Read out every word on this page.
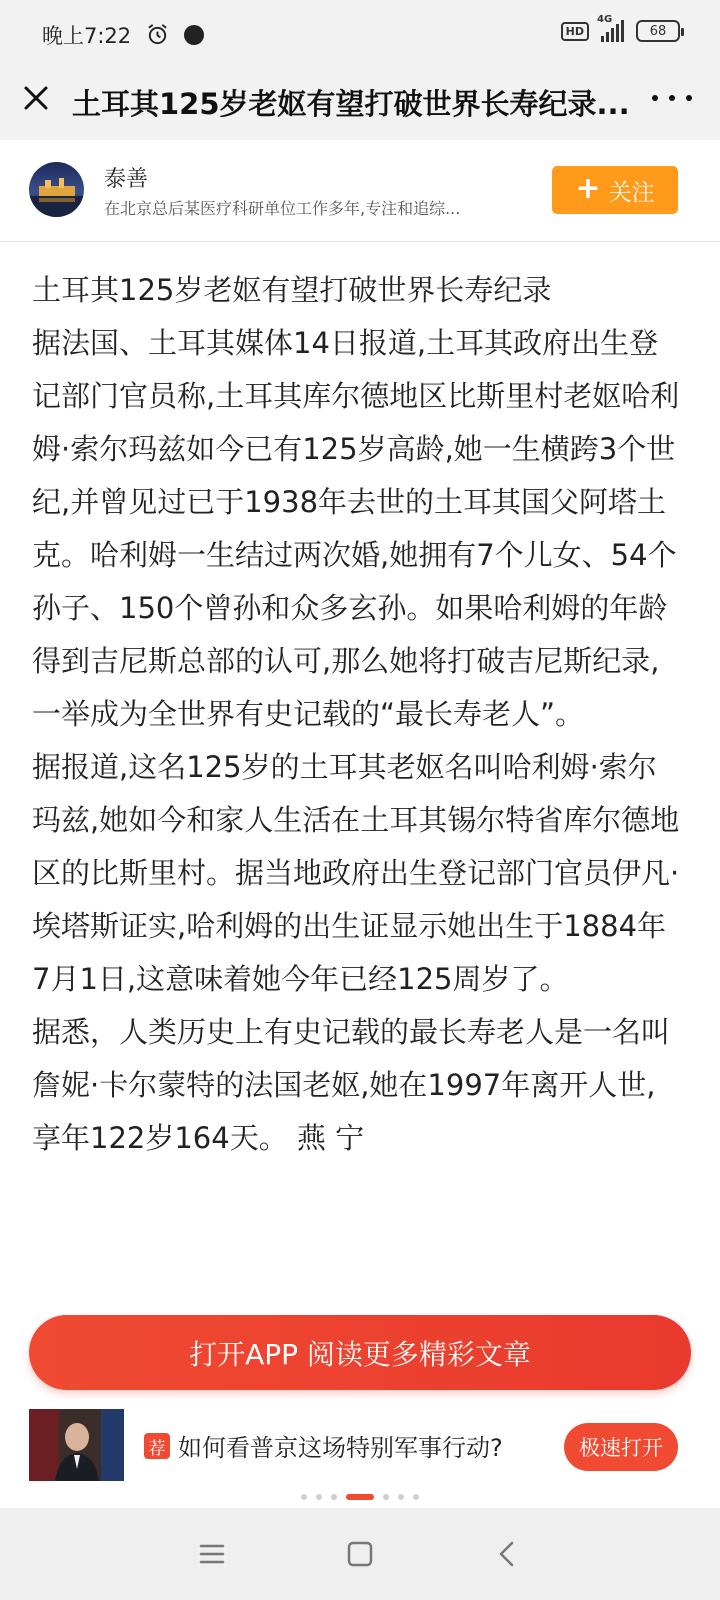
晚上7:22	HD
4G
68
土耳其125岁老妪有望打破世界长寿纪录...
泰善
在北京总后某医疗科研单位工作多年,专注和追综...
+ 关注

土耳其125岁老妪有望打破世界长寿纪录

据法国、土耳其媒体14日报道,土耳其政府出生登记部门官员称,土耳其库尔德地区比斯里村老妪哈利姆·索尔玛兹如今已有125岁高龄,她一生横跨3个世纪,并曾见过已于1938年去世的土耳其国父阿塔土克。哈利姆一生结过两次婚,她拥有7个儿女、54个孙子、150个曾孙和众多玄孙。如果哈利姆的年龄得到吉尼斯总部的认可,那么她将打破吉尼斯纪录,一举成为全世界有史记载的“最长寿老人”。

据报道,这名125岁的土耳其老妪名叫哈利姆·索尔玛兹,她如今和家人生活在土耳其锡尔特省库尔德地区的比斯里村。据当地政府出生登记部门官员伊凡·埃塔斯证实,哈利姆的出生证显示她出生于1884年7月1日,这意味着她今年已经125周岁了。

据悉，人类历史上有史记载的最长寿老人是一名叫詹妮·卡尔蒙特的法国老妪,她在1997年离开人世,享年122岁164天。 燕 宁

打开APP 阅读更多精彩文章
荐 如何看普京这场特别军事行动?	极速打开
